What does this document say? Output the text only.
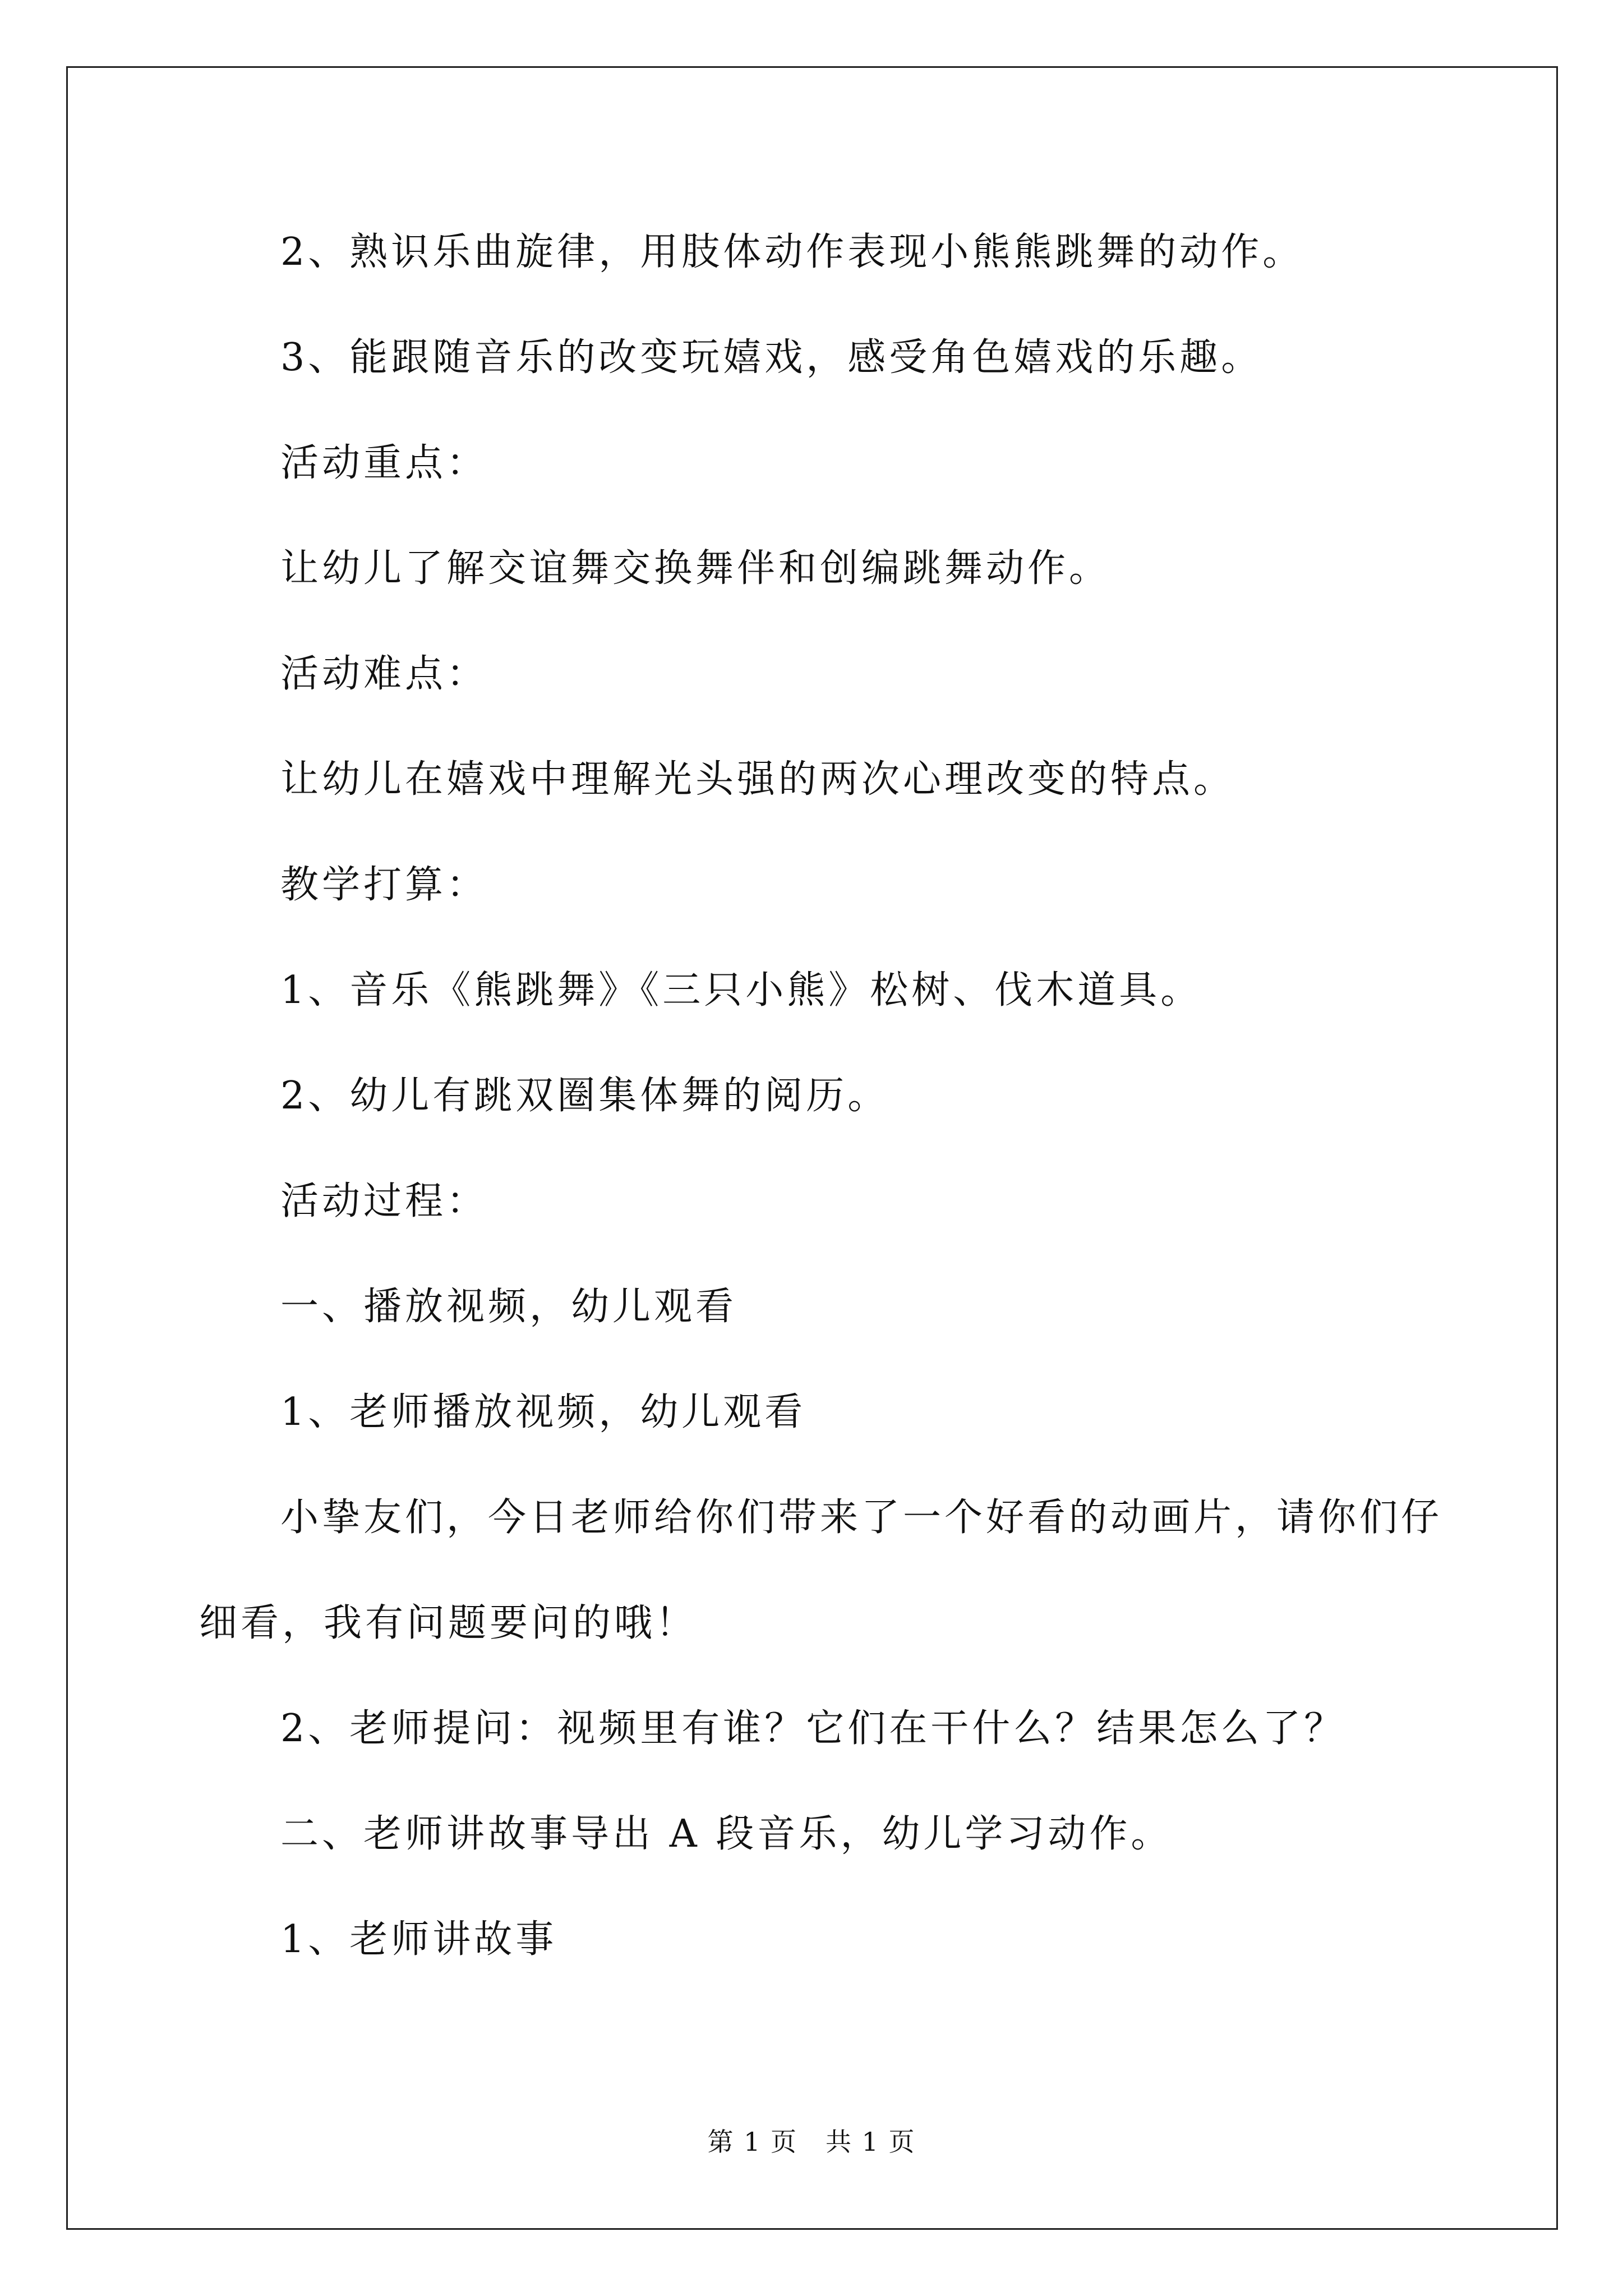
2、熟识乐曲旋律，用肢体动作表现小熊熊跳舞的动作。
3、能跟随音乐的改变玩嬉戏，感受角色嬉戏的乐趣。
活动重点：
让幼儿了解交谊舞交换舞伴和创编跳舞动作。
活动难点：
让幼儿在嬉戏中理解光头强的两次心理改变的特点。
教学打算：
1、音乐《熊跳舞》《三只小熊》松树、伐木道具。
2、幼儿有跳双圈集体舞的阅历。
活动过程：
一、播放视频，幼儿观看
1、老师播放视频，幼儿观看
小挚友们，今日老师给你们带来了一个好看的动画片，请你们仔
细看，我有问题要问的哦！
2、老师提问：视频里有谁？它们在干什么？结果怎么了？
二、老师讲故事导出 A 段音乐，幼儿学习动作。
1、老师讲故事
第 1 页 共 1 页
